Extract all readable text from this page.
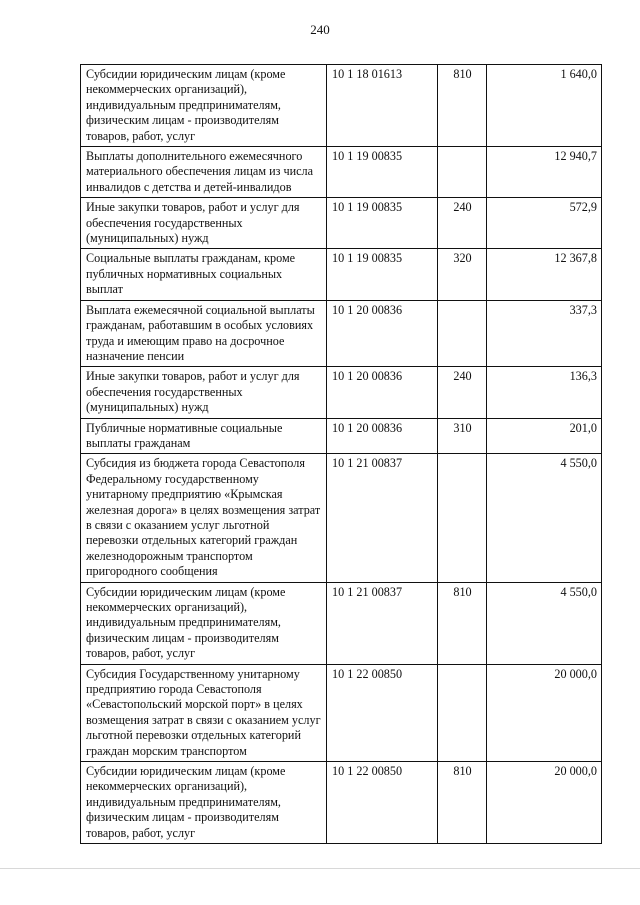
240
Субсидии юридическим лицам (кроме некоммерческих организаций), индивидуальным предпринимателям, физическим лицам - производителям товаров, работ, услуг	10 1 18 01613	810	1 640,0
Выплаты дополнительного ежемесячного материального обеспечения лицам из числа инвалидов с детства и детей-инвалидов	10 1 19 00835		12 940,7
Иные закупки товаров, работ и услуг для обеспечения государственных (муниципальных) нужд	10 1 19 00835	240	572,9
Социальные выплаты гражданам, кроме публичных нормативных социальных выплат	10 1 19 00835	320	12 367,8
Выплата ежемесячной социальной выплаты гражданам, работавшим в особых условиях труда и имеющим право на досрочное назначение пенсии	10 1 20 00836		337,3
Иные закупки товаров, работ и услуг для обеспечения государственных (муниципальных) нужд	10 1 20 00836	240	136,3
Публичные нормативные социальные выплаты гражданам	10 1 20 00836	310	201,0
Субсидия из бюджета города Севастополя Федеральному государственному унитарному предприятию «Крымская железная дорога» в целях возмещения затрат в связи с оказанием услуг льготной перевозки отдельных категорий граждан железнодорожным транспортом пригородного сообщения	10 1 21 00837		4 550,0
Субсидии юридическим лицам (кроме некоммерческих организаций), индивидуальным предпринимателям, физическим лицам - производителям товаров, работ, услуг	10 1 21 00837	810	4 550,0
Субсидия Государственному унитарному предприятию города Севастополя «Севастопольский морской порт» в целях возмещения затрат в связи с оказанием услуг льготной перевозки отдельных категорий граждан морским транспортом	10 1 22 00850		20 000,0
Субсидии юридическим лицам (кроме некоммерческих организаций), индивидуальным предпринимателям, физическим лицам - производителям товаров, работ, услуг	10 1 22 00850	810	20 000,0
